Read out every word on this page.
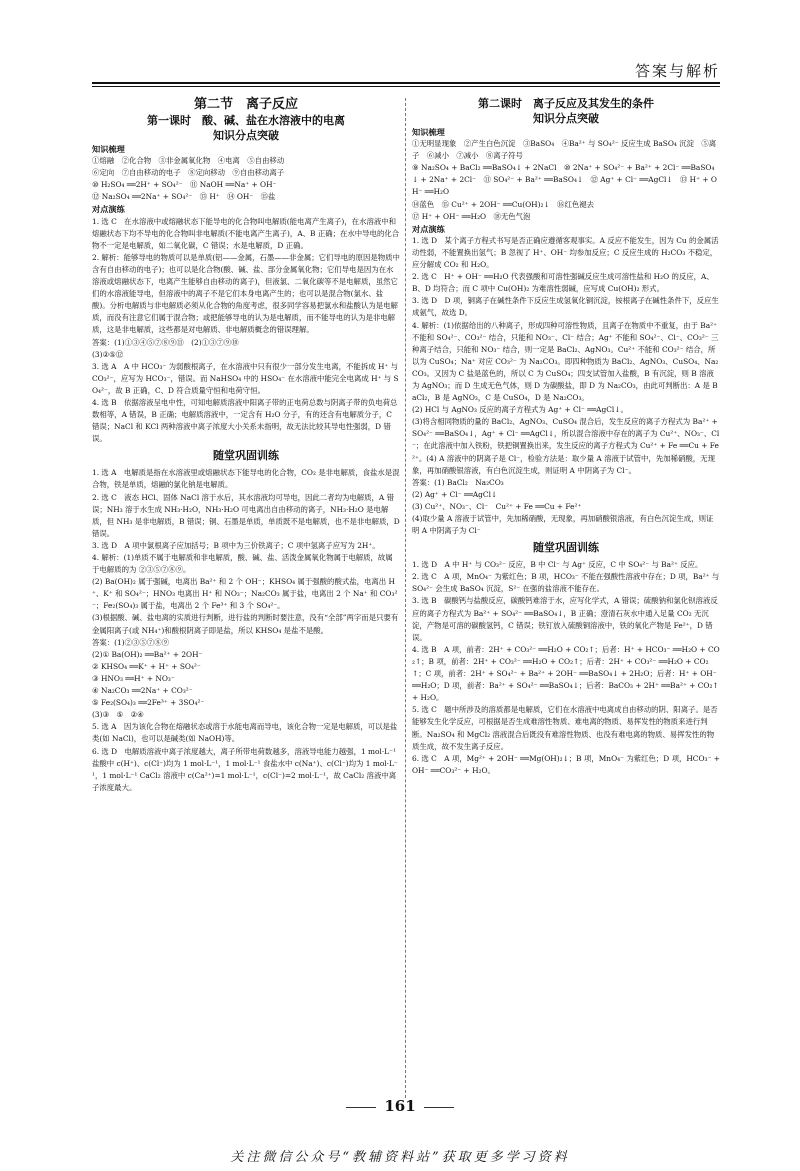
答案与解析
第二节　离子反应
第一课时　酸、碱、盐在水溶液中的电离
知识分点突破
知识梳理
①熔融　②化合物　③非金属氧化物　④电离　⑤自由移动
⑥定向　⑦自由移动的电子　⑧定向移动　⑨自由移动离子
⑩ H₂SO₄ ══2H⁺ + SO₄²⁻　⑪ NaOH ══Na⁺ + OH⁻
⑫ Na₂SO₄ ══2Na⁺ + SO₄²⁻　⑬ H⁺　⑭ OH⁻　⑮盐
对点演练
1. 选 C　在水溶液中或熔融状态下能导电的化合物叫电解质(能电离产生离子)，在水溶液中和熔融状态下均不导电的化合物叫非电解质(不能电离产生离子)，A、B 正确；在水中导电的化合物不一定是电解质，如二氧化碳，C 错误；水是电解质，D 正确。
2. 解析：能够导电的物质可以是单质(铝——金属，石墨——非金属；它们导电的原因是物质中含有自由移动的电子)；也可以是化合物(酸、碱、盐、部分金属氧化物；它们导电是因为在水溶液或熔融状态下，电离产生能够自由移动的离子)，但液氯、二氧化碳等不是电解质，虽然它们的水溶液能导电，但溶液中的离子不是它们本身电离产生的；也可以是混合物(氯水、盐酸)。分析电解质与非电解质必须从化合物的角度考虑，很多同学容易把氯水和盐酸认为是电解质，而没有注意它们属于混合物；或把能够导电的认为是电解质，而不能导电的认为是非电解质，这是非电解质，这些都是对电解质、非电解质概念的错误理解。
答案：(1)①③④⑤⑦⑧⑨⑪　(2)①③⑦⑨⑩
(3)②⑤⑫
3. 选 A　A 中 HCO₃⁻ 为弱酸根离子，在水溶液中只有很少一部分发生电离，不能拆成 H⁺ 与 CO₃²⁻，应写为 HCO₃⁻，错误。而 NaHSO₄ 中的 HSO₄⁻ 在水溶液中能完全电离成 H⁺ 与 SO₄²⁻，故 B 正确，C、D 符合质量守恒和电荷守恒。
4. 选 B　依据溶液呈电中性，可知电解质溶液中阳离子带的正电荷总数与阴离子带的负电荷总数相等，A 错误，B 正确；电解质溶液中，一定含有 H₂O 分子，有的还含有电解质分子，C 错误；NaCl 和 KCl 两种溶液中离子浓度大小关系未指明，故无法比较其导电性强弱，D 错误。
随堂巩固训练
1. 选 A　电解质是指在水溶液里或熔融状态下能导电的化合物，CO₂ 是非电解质，食盐水是混合物，铁是单质，熔融的氯化钠是电解质。
2. 选 C　液态 HCl、固体 NaCl 溶于水后，其水溶液均可导电，因此二者均为电解质，A 错误；NH₃ 溶于水生成 NH₃·H₂O，NH₃·H₂O 可电离出自由移动的离子，NH₃·H₂O 是电解质，但 NH₃ 是非电解质，B 错误；铜、石墨是单质，单质既不是电解质，也不是非电解质，D 错误。
3. 选 D　A 项中氯根离子应加括号；B 项中为三价铁离子；C 项中氢离子应写为 2H⁺。
4. 解析：(1)单质不属于电解质和非电解质，酸、碱、盐、活泼金属氧化物属于电解质，故属于电解质的为 ②③⑤⑦⑧⑨。
(2) Ba(OH)₂ 属于强碱，电离出 Ba²⁺ 和 2 个 OH⁻；KHSO₄ 属于强酸的酸式盐，电离出 H⁺、K⁺ 和 SO₄²⁻；HNO₃ 电离出 H⁺ 和 NO₃⁻；Na₂CO₃ 属于盐，电离出 2 个 Na⁺ 和 CO₃²⁻；Fe₂(SO₄)₃ 属于盐，电离出 2 个 Fe³⁺ 和 3 个 SO₄²⁻。
(3)根据酸、碱、盐电离的实质进行判断，进行盐的判断时要注意，没有“全部”两字而是只要有金属阳离子(或 NH₄⁺)和酸根阴离子即是盐，所以 KHSO₄ 是盐不是酸。
答案：(1)②③⑤⑦⑧⑨
(2)① Ba(OH)₂ ══Ba²⁺ + 2OH⁻
② KHSO₄ ══K⁺ + H⁺ + SO₄²⁻
③ HNO₃ ══H⁺ + NO₃⁻
④ Na₂CO₃ ══2Na⁺ + CO₃²⁻
⑤ Fe₂(SO₄)₃ ══2Fe³⁺ + 3SO₄²⁻
(3)③　⑤　②④
5. 选 A　因为该化合物在熔融状态或溶于水能电离而导电，该化合物一定是电解质，可以是盐类(如 NaCl)，也可以是碱类(如 NaOH)等。
6. 选 D　电解质溶液中离子浓度越大，离子所带电荷数越多，溶液导电能力越强，1 mol·L⁻¹ 盐酸中 c(H⁺)、c(Cl⁻)均为 1 mol·L⁻¹，1 mol·L⁻¹ 食盐水中 c(Na⁺)、c(Cl⁻)均为 1 mol·L⁻¹，1 mol·L⁻¹ CaCl₂ 溶液中 c(Ca²⁺)=1 mol·L⁻¹，c(Cl⁻)=2 mol·L⁻¹，故 CaCl₂ 溶液中离子浓度最大。
第二课时　离子反应及其发生的条件
知识分点突破
知识梳理
①无明显现象　②产生白色沉淀　③BaSO₄　④Ba²⁺ 与 SO₄²⁻ 反应生成 BaSO₄ 沉淀　⑤离子　⑥减小　⑦减小　⑧离子符号
⑨ Na₂SO₄ + BaCl₂ ══BaSO₄↓ + 2NaCl　⑩ 2Na⁺ + SO₄²⁻ + Ba²⁺ + 2Cl⁻ ══BaSO₄↓ + 2Na⁺ + 2Cl⁻　⑪ SO₄²⁻ + Ba²⁺ ══BaSO₄↓　⑫ Ag⁺ + Cl⁻ ══AgCl↓　⑬ H⁺ + OH⁻ ══H₂O
⑭蓝色　⑮ Cu²⁺ + 2OH⁻ ══Cu(OH)₂↓　⑯红色褪去
⑰ H⁺ + OH⁻ ══H₂O　⑱无色气泡
对点演练
1. 选 D　某个离子方程式书写是否正确应遵循客观事实。A 反应不能发生，因为 Cu 的金属活动性弱，不能置换出氢气；B 忽视了 H⁺、OH⁻ 均参加反应；C 反应生成的 H₂CO₃ 不稳定，应分解成 CO₂ 和 H₂O。
2. 选 C　H⁺ + OH⁻ ══H₂O 代表强酸和可溶性强碱反应生成可溶性盐和 H₂O 的反应，A、B、D 均符合；而 C 项中 Cu(OH)₂ 为难溶性弱碱，应写成 Cu(OH)₂ 形式。
3. 选 D　D 项，铜离子在碱性条件下反应生成氢氧化铜沉淀，铵根离子在碱性条件下，反应生成氨气，故选 D。
4. 解析：(1)依据给出的八种离子，形成四种可溶性物质，且离子在物质中不重复，由于 Ba²⁺ 不能和 SO₄²⁻、CO₃²⁻ 结合，只能和 NO₃⁻、Cl⁻ 结合；Ag⁺ 不能和 SO₄²⁻、Cl⁻、CO₃²⁻ 三种离子结合，只能和 NO₃⁻ 结合，则一定是 BaCl₂、AgNO₃。Cu²⁺ 不能和 CO₃²⁻ 结合，所以为 CuSO₄；Na⁺ 对应 CO₃²⁻ 为 Na₂CO₃。即四种物质为 BaCl₂、AgNO₃、CuSO₄、Na₂CO₃。又因为 C 盐是蓝色的，所以 C 为 CuSO₄；四支试管加入盐酸，B 有沉淀，则 B 溶液为 AgNO₃；而 D 生成无色气体，则 D 为碳酸盐，即 D 为 Na₂CO₃，由此可判断出：A 是 BaCl₂，B 是 AgNO₃，C 是 CuSO₄，D 是 Na₂CO₃。
(2) HCl 与 AgNO₃ 反应的离子方程式为 Ag⁺ + Cl⁻ ══AgCl↓。
(3)将含相同物质的量的 BaCl₂、AgNO₃、CuSO₄ 混合后，发生反应的离子方程式为 Ba²⁺ + SO₄²⁻ ══BaSO₄↓，Ag⁺ + Cl⁻ ══AgCl↓，所以混合溶液中存在的离子为 Cu²⁺、NO₃⁻、Cl⁻；在此溶液中加入铁粉，铁把铜置换出来，发生反应的离子方程式为 Cu²⁺ + Fe ══Cu + Fe²⁺。(4) A 溶液中的阴离子是 Cl⁻，检验方法是：取少量 A 溶液于试管中，先加稀硝酸，无现象，再加硝酸银溶液，有白色沉淀生成，则证明 A 中阴离子为 Cl⁻。
答案：(1) BaCl₂　Na₂CO₃
(2) Ag⁺ + Cl⁻ ══AgCl↓
(3) Cu²⁺、NO₃⁻、Cl⁻　Cu²⁺ + Fe ══Cu + Fe²⁺
(4)取少量 A 溶液于试管中，先加稀硝酸，无现象，再加硝酸银溶液，有白色沉淀生成，则证明 A 中阴离子为 Cl⁻
随堂巩固训练
1. 选 D　A 中 H⁺ 与 CO₃²⁻ 反应，B 中 Cl⁻ 与 Ag⁺ 反应，C 中 SO₄²⁻ 与 Ba²⁺ 反应。
2. 选 C　A 项，MnO₄⁻ 为紫红色；B 项，HCO₃⁻ 不能在强酸性溶液中存在；D 项，Ba²⁺ 与 SO₄²⁻ 会生成 BaSO₄ 沉淀，S²⁻ 在强的盐溶液不能存在。
3. 选 B　碳酸钙与盐酸反应，碳酸钙难溶于水，应写化学式，A 错误；硫酸钠和氯化钡溶液反应的离子方程式为 Ba²⁺ + SO₄²⁻ ══BaSO₄↓，B 正确；澄清石灰水中通入足量 CO₂ 无沉淀，产物是可溶的碳酸氢钙，C 错误；铁钉放入硫酸铜溶液中，铁的氧化产物是 Fe²⁺，D 错误。
4. 选 B　A 项，前者：2H⁺ + CO₃²⁻ ══H₂O + CO₂↑；后者：H⁺ + HCO₃⁻ ══H₂O + CO₂↑；B 项，前者：2H⁺ + CO₃²⁻ ══H₂O + CO₂↑；后者：2H⁺ + CO₃²⁻ ══H₂O + CO₂↑；C 项，前者：2H⁺ + SO₄²⁻ + Ba²⁺ + 2OH⁻ ══BaSO₄↓ + 2H₂O；后者：H⁺ + OH⁻ ══H₂O；D 项，前者：Ba²⁺ + SO₄²⁻ ══BaSO₄↓；后者：BaCO₃ + 2H⁺ ══Ba²⁺ + CO₂↑ + H₂O。
5. 选 C　题中所涉及的溶质都是电解质，它们在水溶液中电离成自由移动的阴、阳离子。是否能够发生化学反应，可根据是否生成难溶性物质、难电离的物质、易挥发性的物质来进行判断。Na₂SO₄ 和 MgCl₂ 溶液混合后既没有难溶性物质、也没有难电离的物质、易挥发性的物质生成，故不发生离子反应。
6. 选 C　A 项，Mg²⁺ + 2OH⁻ ══Mg(OH)₂↓；B 项，MnO₄⁻ 为紫红色；D 项，HCO₃⁻ + OH⁻ ══CO₃²⁻ + H₂O。
161
关注微信公众号“教辅资料站”获取更多学习资料
